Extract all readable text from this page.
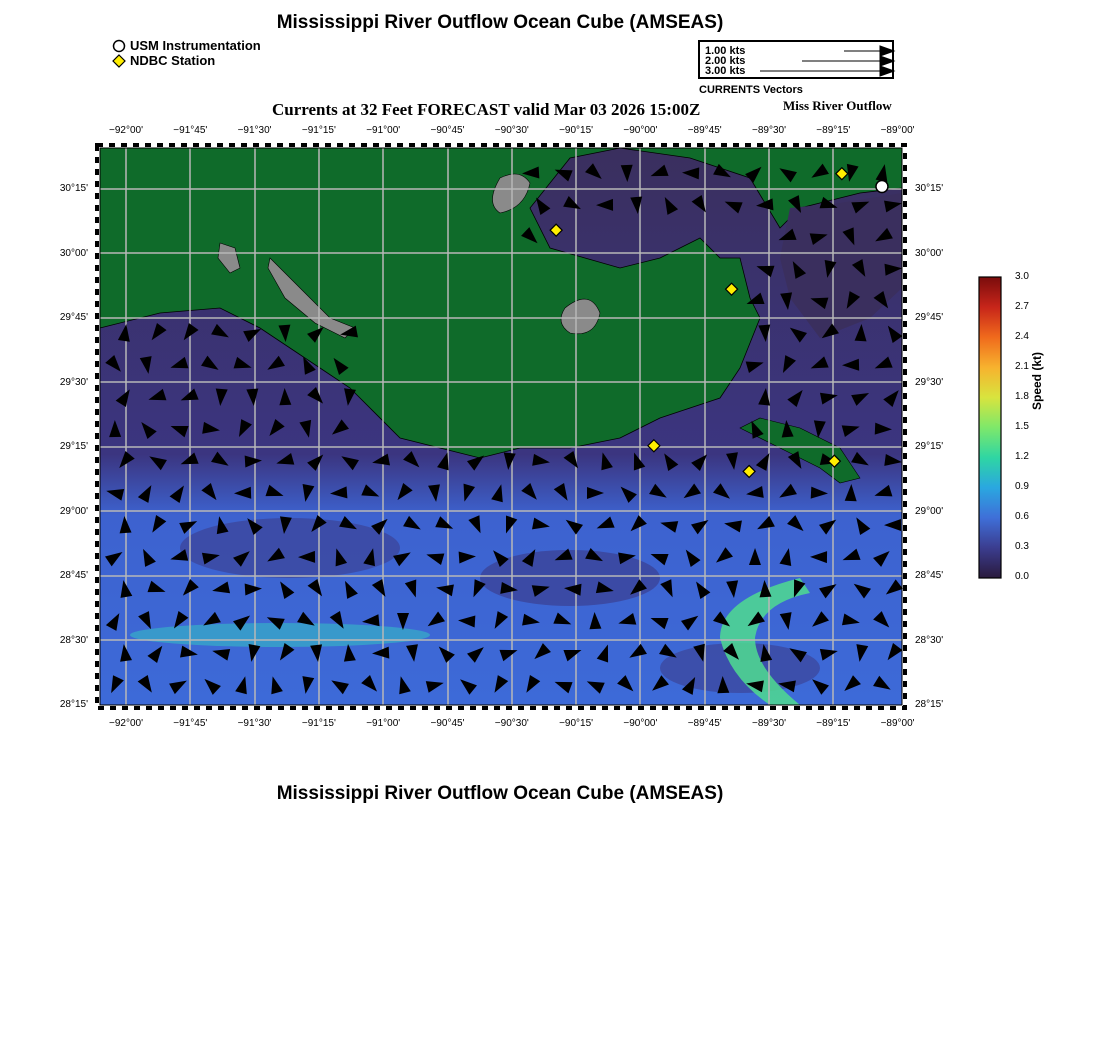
Mississippi River Outflow Ocean Cube (AMSEAS)
USM Instrumentation
NDBC Station
1.00 kts
2.00 kts
3.00 kts
CURRENTS Vectors
Currents at 32 Feet FORECAST valid Mar 03 2026 15:00Z	Miss River Outflow
−92°00'	−91°45'	−91°30'	−91°15'	−91°00'	−90°45'	−90°30'	−90°15'	−90°00'	−89°45'	−89°30'	−89°15'	−89°00'
−92°00'	−91°45'	−91°30'	−91°15'	−91°00'	−90°45'	−90°30'	−90°15'	−90°00'	−89°45'	−89°30'	−89°15'	−89°00'
30°15'
30°00'
29°45'
29°30'
29°15'
29°00'
28°45'
28°30'
28°15'
30°15'
30°00'
29°45'
29°30'
29°15'
29°00'
28°45'
28°30'
28°15'
3.0
2.7
2.4
2.1
1.8
1.5
1.2
0.9
0.6
0.3
0.0
Speed (kt)
Mississippi River Outflow Ocean Cube (AMSEAS)
